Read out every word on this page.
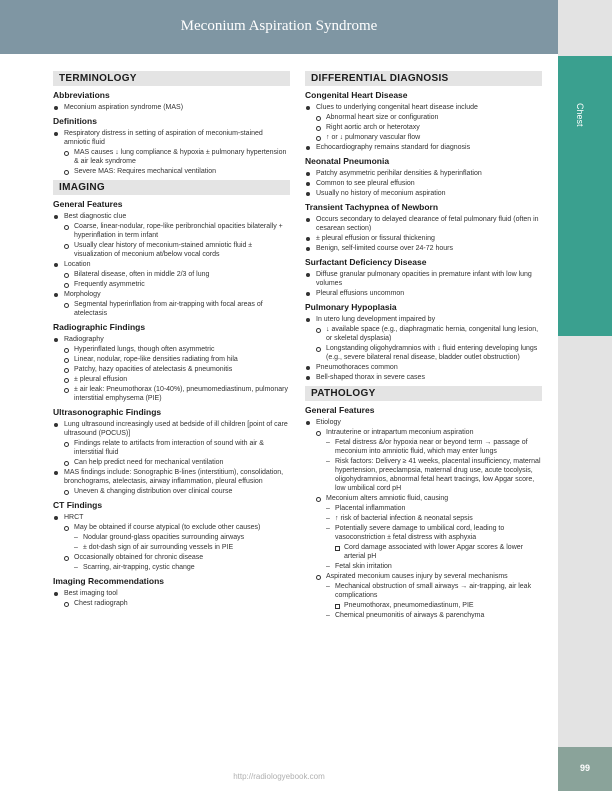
Meconium Aspiration Syndrome
Chest
99
TERMINOLOGY
Abbreviations
Meconium aspiration syndrome (MAS)
Definitions
Respiratory distress in setting of aspiration of meconium-stained amniotic fluid
MAS causes ↓ lung compliance & hypoxia ± pulmonary hypertension & air leak syndrome
Severe MAS: Requires mechanical ventilation
IMAGING
General Features
Best diagnostic clue
Coarse, linear-nodular, rope-like peribronchial opacities bilaterally + hyperinflation in term infant
Usually clear history of meconium-stained amniotic fluid ± visualization of meconium at/below vocal cords
Location
Bilateral disease, often in middle 2/3 of lung
Frequently asymmetric
Morphology
Segmental hyperinflation from air-trapping with focal areas of atelectasis
Radiographic Findings
Radiography
Hyperinflated lungs, though often asymmetric
Linear, nodular, rope-like densities radiating from hila
Patchy, hazy opacities of atelectasis & pneumonitis
± pleural effusion
± air leak: Pneumothorax (10-40%), pneumomediastinum, pulmonary interstitial emphysema (PIE)
Ultrasonographic Findings
Lung ultrasound increasingly used at bedside of ill children [point of care ultrasound (POCUS)]
Findings relate to artifacts from interaction of sound with air & interstitial fluid
Can help predict need for mechanical ventilation
MAS findings include: Sonographic B-lines (interstitium), consolidation, bronchograms, atelectasis, airway inflammation, pleural effusion
Uneven & changing distribution over clinical course
CT Findings
HRCT
May be obtained if course atypical (to exclude other causes)
– Nodular ground-glass opacities surrounding airways
– ± dot-dash sign of air surrounding vessels in PIE
Occasionally obtained for chronic disease
– Scarring, air-trapping, cystic change
Imaging Recommendations
Best imaging tool
Chest radiograph
DIFFERENTIAL DIAGNOSIS
Congenital Heart Disease
Clues to underlying congenital heart disease include
Abnormal heart size or configuration
Right aortic arch or heterotaxy
↑ or ↓ pulmonary vascular flow
Echocardiography remains standard for diagnosis
Neonatal Pneumonia
Patchy asymmetric perihilar densities & hyperinflation
Common to see pleural effusion
Usually no history of meconium aspiration
Transient Tachypnea of Newborn
Occurs secondary to delayed clearance of fetal pulmonary fluid (often in cesarean section)
± pleural effusion or fissural thickening
Benign, self-limited course over 24-72 hours
Surfactant Deficiency Disease
Diffuse granular pulmonary opacities in premature infant with low lung volumes
Pleural effusions uncommon
Pulmonary Hypoplasia
In utero lung development impaired by
↓ available space (e.g., diaphragmatic hernia, congenital lung lesion, or skeletal dysplasia)
Longstanding oligohydramnios with ↓ fluid entering developing lungs (e.g., severe bilateral renal disease, bladder outlet obstruction)
Pneumothoraces common
Bell-shaped thorax in severe cases
PATHOLOGY
General Features
Etiology
Intrauterine or intrapartum meconium aspiration
– Fetal distress &/or hypoxia near or beyond term → passage of meconium into amniotic fluid, which may enter lungs
– Risk factors: Delivery ≥ 41 weeks, placental insufficiency, maternal hypertension, preeclampsia, maternal drug use, acute tocolysis, oligohydramnios, abnormal fetal heart tracings, low Apgar score, low umbilical cord pH
Meconium alters amniotic fluid, causing
– Placental inflammation
– ↑ risk of bacterial infection & neonatal sepsis
– Potentially severe damage to umbilical cord, leading to vasoconstriction ± fetal distress with asphyxia
Cord damage associated with lower Apgar scores & lower arterial pH
– Fetal skin irritation
Aspirated meconium causes injury by several mechanisms
– Mechanical obstruction of small airways → air-trapping, air leak complications
Pneumothorax, pneumomediastinum, PIE
– Chemical pneumonitis of airways & parenchyma
http://radiologyebook.com
